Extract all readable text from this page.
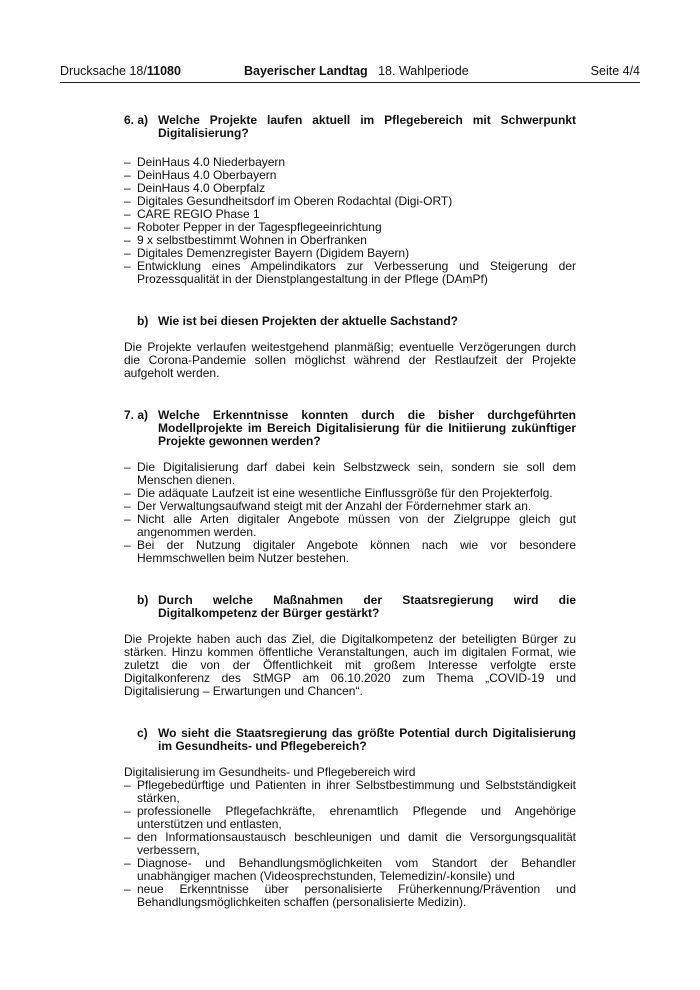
Drucksache 18/11080	Bayerischer Landtag 18. Wahlperiode	Seite 4/4
6. a) Welche Projekte laufen aktuell im Pflegebereich mit Schwerpunkt Digitalisierung?
– DeinHaus 4.0 Niederbayern
– DeinHaus 4.0 Oberbayern
– DeinHaus 4.0 Oberpfalz
– Digitales Gesundheitsdorf im Oberen Rodachtal (Digi-ORT)
– CARE REGIO Phase 1
– Roboter Pepper in der Tagespflegeeinrichtung
– 9 x selbstbestimmt Wohnen in Oberfranken
– Digitales Demenzregister Bayern (Digidem Bayern)
– Entwicklung eines Ampelindikators zur Verbesserung und Steigerung der Prozessqualität in der Dienstplangestaltung in der Pflege (DAmPf)
b) Wie ist bei diesen Projekten der aktuelle Sachstand?

Die Projekte verlaufen weitestgehend planmäßig; eventuelle Verzögerungen durch die Corona-Pandemie sollen möglichst während der Restlaufzeit der Projekte aufgeholt werden.

7. a) Welche Erkenntnisse konnten durch die bisher durchgeführten Modellprojekte im Bereich Digitalisierung für die Initiierung zukünftiger Projekte gewonnen werden?
– Die Digitalisierung darf dabei kein Selbstzweck sein, sondern sie soll dem Menschen dienen.
– Die adäquate Laufzeit ist eine wesentliche Einflussgröße für den Projekterfolg.
– Der Verwaltungsaufwand steigt mit der Anzahl der Fördernehmer stark an.
– Nicht alle Arten digitaler Angebote müssen von der Zielgruppe gleich gut angenommen werden.
– Bei der Nutzung digitaler Angebote können nach wie vor besondere Hemmschwellen beim Nutzer bestehen.
b) Durch welche Maßnahmen der Staatsregierung wird die Digitalkompetenz der Bürger gestärkt?

Die Projekte haben auch das Ziel, die Digitalkompetenz der beteiligten Bürger zu stärken. Hinzu kommen öffentliche Veranstaltungen, auch im digitalen Format, wie zuletzt die von der Öffentlichkeit mit großem Interesse verfolgte erste Digitalkonferenz des StMGP am 06.10.2020 zum Thema „COVID-19 und Digitalisierung – Erwartungen und Chancen“.

c) Wo sieht die Staatsregierung das größte Potential durch Digitalisierung im Gesundheits- und Pflegebereich?

Digitalisierung im Gesundheits- und Pflegebereich wird

– Pflegebedürftige und Patienten in ihrer Selbstbestimmung und Selbstständigkeit stärken,
– professionelle Pflegefachkräfte, ehrenamtlich Pflegende und Angehörige unterstützen und entlasten,
– den Informationsaustausch beschleunigen und damit die Versorgungsqualität verbessern,
– Diagnose- und Behandlungsmöglichkeiten vom Standort der Behandler unabhängiger machen (Videosprechstunden, Telemedizin/-konsile) und
– neue Erkenntnisse über personalisierte Früherkennung/Prävention und Behandlungsmöglichkeiten schaffen (personalisierte Medizin).
